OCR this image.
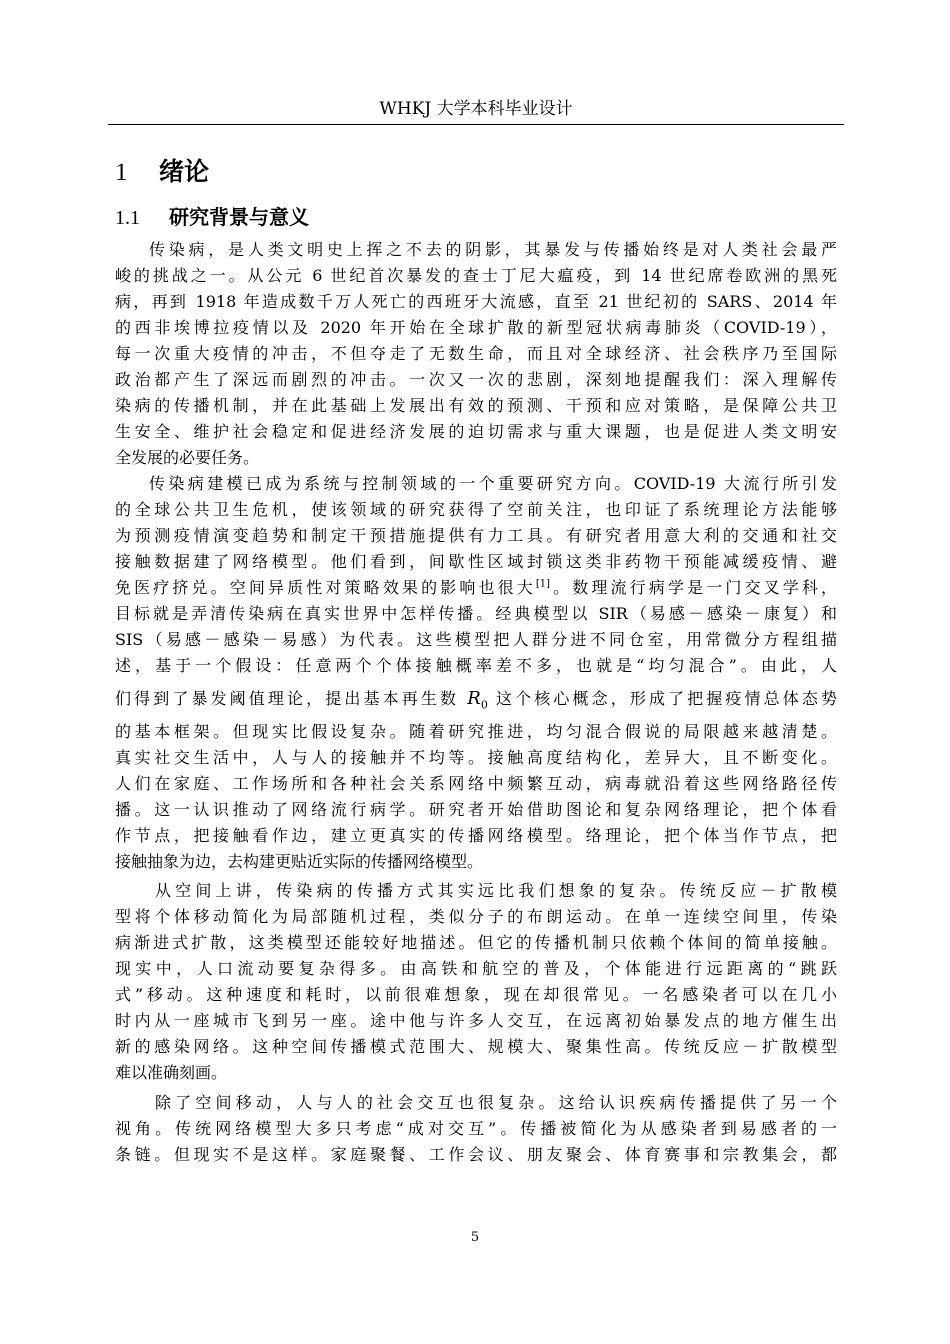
WHKJ 大学本科毕业设计
1 绪论
1.1 研究背景与意义
传染病，是人类文明史上挥之不去的阴影，其暴发与传播始终是对人类社会最严
峻的挑战之一。从公元 6 世纪首次暴发的查士丁尼大瘟疫，到 14 世纪席卷欧洲的黑死
病，再到 1918 年造成数千万人死亡的西班牙大流感，直至 21 世纪初的 SARS、2014 年
的西非埃博拉疫情以及 2020 年开始在全球扩散的新型冠状病毒肺炎（COVID-19），
每一次重大疫情的冲击，不但夺走了无数生命，而且对全球经济、社会秩序乃至国际
政治都产生了深远而剧烈的冲击。一次又一次的悲剧，深刻地提醒我们：深入理解传
染病的传播机制，并在此基础上发展出有效的预测、干预和应对策略，是保障公共卫
生安全、维护社会稳定和促进经济发展的迫切需求与重大课题，也是促进人类文明安
全发展的必要任务。
传染病建模已成为系统与控制领域的一个重要研究方向。COVID-19 大流行所引发
的全球公共卫生危机，使该领域的研究获得了空前关注，也印证了系统理论方法能够
为预测疫情演变趋势和制定干预措施提供有力工具。有研究者用意大利的交通和社交
接触数据建了网络模型。他们看到，间歇性区域封锁这类非药物干预能减缓疫情、避
免医疗挤兑。空间异质性对策略效果的影响也很大[1]。数理流行病学是一门交叉学科，
目标就是弄清传染病在真实世界中怎样传播。经典模型以 SIR（易感－感染－康复）和
SIS（易感－感染－易感）为代表。这些模型把人群分进不同仓室，用常微分方程组描
述，基于一个假设：任意两个个体接触概率差不多，也就是“均匀混合”。由此，人
们得到了暴发阈值理论，提出基本再生数 $R_0$ 这个核心概念，形成了把握疫情总体态势
的基本框架。但现实比假设复杂。随着研究推进，均匀混合假说的局限越来越清楚。
真实社交生活中，人与人的接触并不均等。接触高度结构化，差异大，且不断变化。
人们在家庭、工作场所和各种社会关系网络中频繁互动，病毒就沿着这些网络路径传
播。这一认识推动了网络流行病学。研究者开始借助图论和复杂网络理论，把个体看
作节点，把接触看作边，建立更真实的传播网络模型。络理论，把个体当作节点，把
接触抽象为边，去构建更贴近实际的传播网络模型。
从空间上讲，传染病的传播方式其实远比我们想象的复杂。传统反应－扩散模
型将个体移动简化为局部随机过程，类似分子的布朗运动。在单一连续空间里，传染
病渐进式扩散，这类模型还能较好地描述。但它的传播机制只依赖个体间的简单接触。
现实中，人口流动要复杂得多。由高铁和航空的普及，个体能进行远距离的“跳跃
式”移动。这种速度和耗时，以前很难想象，现在却很常见。一名感染者可以在几小
时内从一座城市飞到另一座。途中他与许多人交互，在远离初始暴发点的地方催生出
新的感染网络。这种空间传播模式范围大、规模大、聚集性高。传统反应－扩散模型
难以准确刻画。
除了空间移动，人与人的社会交互也很复杂。这给认识疾病传播提供了另一个
视角。传统网络模型大多只考虑“成对交互”。传播被简化为从感染者到易感者的一
条链。但现实不是这样。家庭聚餐、工作会议、朋友聚会、体育赛事和宗教集会，都
5
